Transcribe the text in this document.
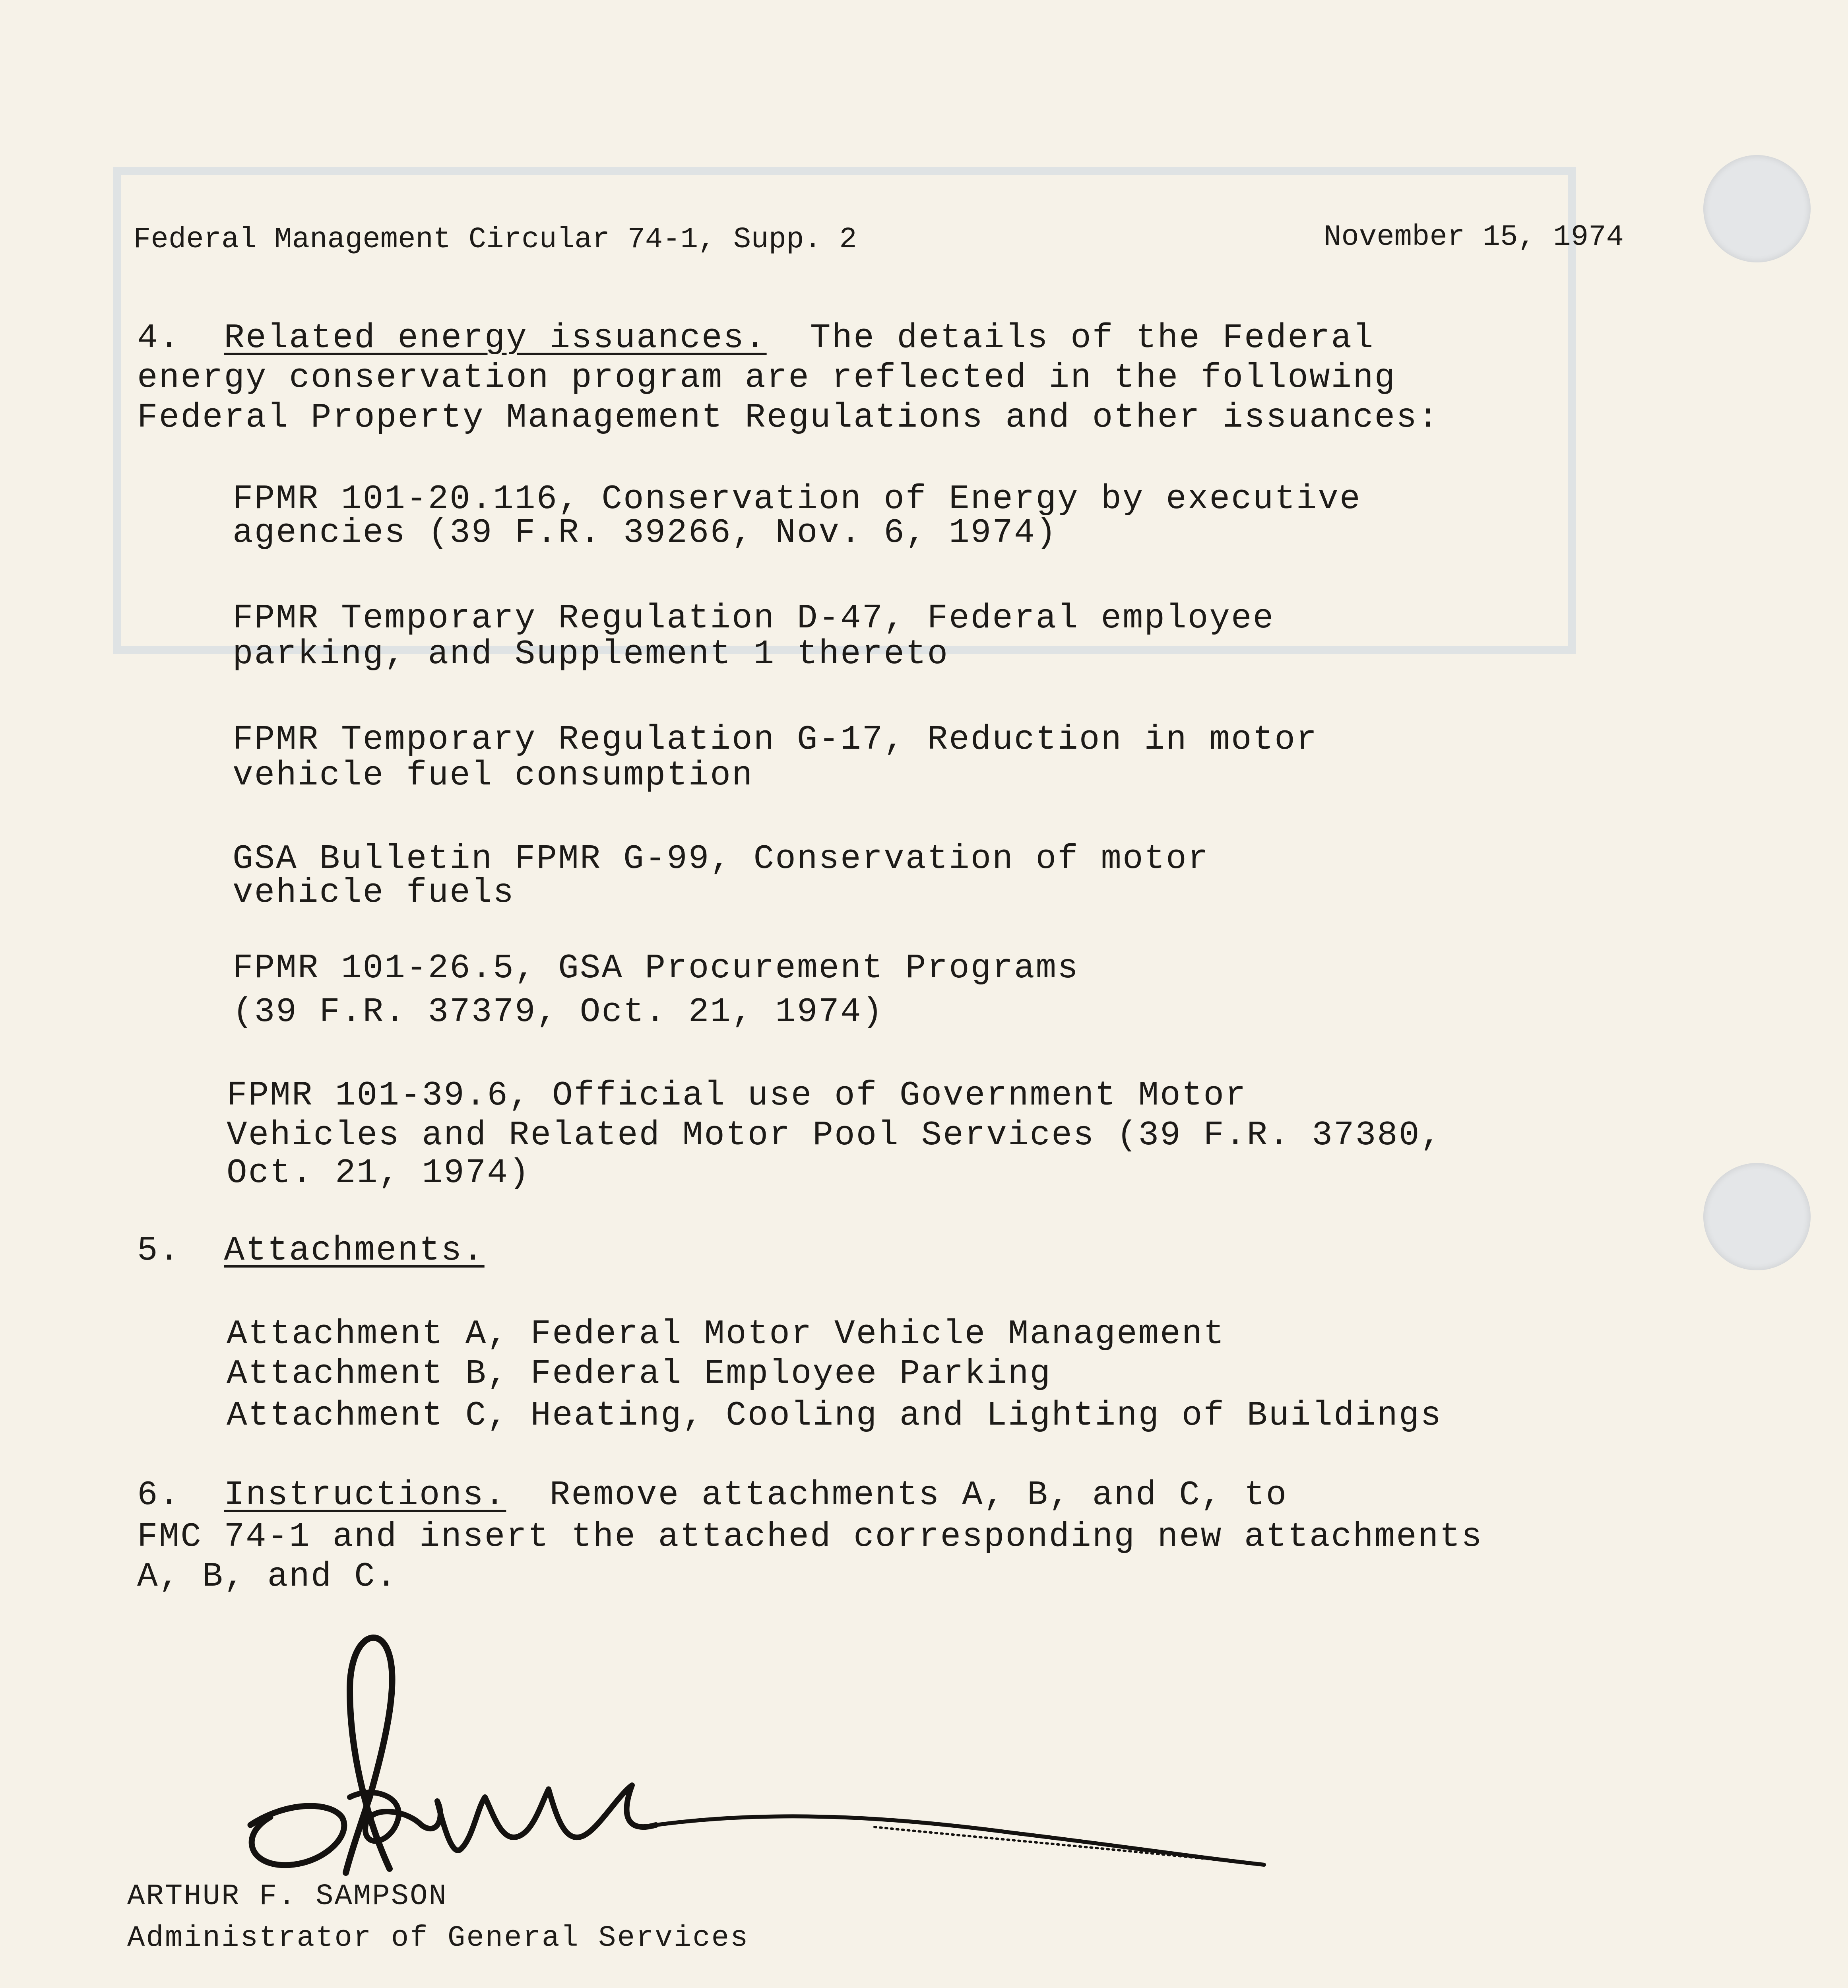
Federal Management Circular 74-1, Supp. 2	November 15, 1974
4. Related energy issuances. The details of the Federal
energy conservation program are reflected in the following
Federal Property Management Regulations and other issuances:
FPMR 101-20.116, Conservation of Energy by executive
agencies (39 F.R. 39266, Nov. 6, 1974)
FPMR Temporary Regulation D-47, Federal employee
parking, and Supplement 1 thereto
FPMR Temporary Regulation G-17, Reduction in motor
vehicle fuel consumption
GSA Bulletin FPMR G-99, Conservation of motor
vehicle fuels
FPMR 101-26.5, GSA Procurement Programs
(39 F.R. 37379, Oct. 21, 1974)
FPMR 101-39.6, Official use of Government Motor
Vehicles and Related Motor Pool Services (39 F.R. 37380,
Oct. 21, 1974)
5. Attachments.
Attachment A, Federal Motor Vehicle Management
Attachment B, Federal Employee Parking
Attachment C, Heating, Cooling and Lighting of Buildings
6. Instructions. Remove attachments A, B, and C, to
FMC 74-1 and insert the attached corresponding new attachments
A, B, and C.
ARTHUR F. SAMPSON
Administrator of General Services
